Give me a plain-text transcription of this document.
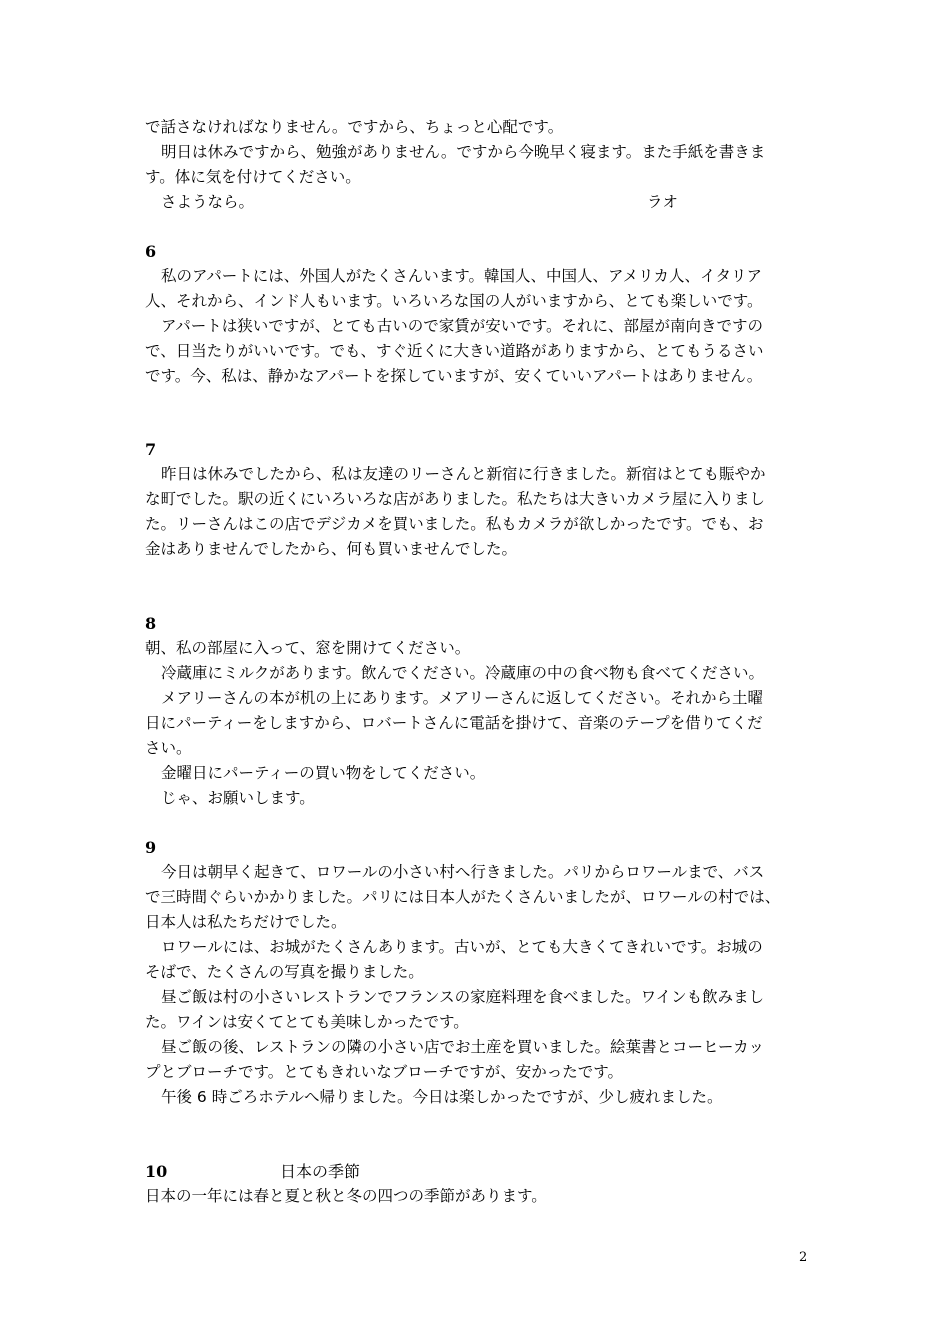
で話さなければなりません。ですから、ちょっと心配です。
明日は休みですから、勉強がありません。ですから今晩早く寝ます。また手紙を書きま
す。体に気を付けてください。
さようなら。	ラオ
6
私のアパートには、外国人がたくさんいます。韓国人、中国人、アメリカ人、イタリア
人、それから、インド人もいます。いろいろな国の人がいますから、とても楽しいです。
アパートは狭いですが、とても古いので家賃が安いです。それに、部屋が南向きですの
で、日当たりがいいです。でも、すぐ近くに大きい道路がありますから、とてもうるさい
です。今、私は、静かなアパートを探していますが、安くていいアパートはありません。
7
昨日は休みでしたから、私は友達のリーさんと新宿に行きました。新宿はとても賑やか
な町でした。駅の近くにいろいろな店がありました。私たちは大きいカメラ屋に入りまし
た。リーさんはこの店でデジカメを買いました。私もカメラが欲しかったです。でも、お
金はありませんでしたから、何も買いませんでした。
8
朝、私の部屋に入って、窓を開けてください。
冷蔵庫にミルクがあります。飲んでください。冷蔵庫の中の食べ物も食べてください。
メアリーさんの本が机の上にあります。メアリーさんに返してください。それから土曜
日にパーティーをしますから、ロバートさんに電話を掛けて、音楽のテープを借りてくだ
さい。
金曜日にパーティーの買い物をしてください。
じゃ、お願いします。
9
今日は朝早く起きて、ロワールの小さい村へ行きました。パリからロワールまで、バス
で三時間ぐらいかかりました。パリには日本人がたくさんいましたが、ロワールの村では、
日本人は私たちだけでした。
ロワールには、お城がたくさんあります。古いが、とても大きくてきれいです。お城の
そばで、たくさんの写真を撮りました。
昼ご飯は村の小さいレストランでフランスの家庭料理を食べました。ワインも飲みまし
た。ワインは安くてとても美味しかったです。
昼ご飯の後、レストランの隣の小さい店でお土産を買いました。絵葉書とコーヒーカッ
プとブローチです。とてもきれいなブローチですが、安かったです。
午後 6 時ごろホテルへ帰りました。今日は楽しかったですが、少し疲れました。
10	日本の季節
日本の一年には春と夏と秋と冬の四つの季節があります。
2
